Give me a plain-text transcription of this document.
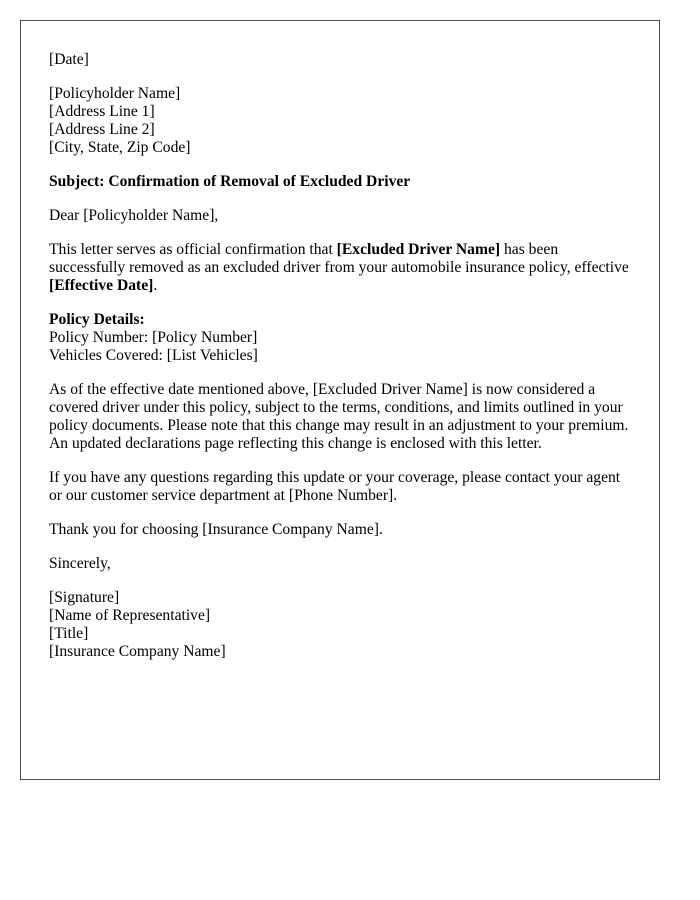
[Date]

[Policyholder Name]
[Address Line 1]
[Address Line 2]
[City, State, Zip Code]

Subject: Confirmation of Removal of Excluded Driver

Dear [Policyholder Name],

This letter serves as official confirmation that [Excluded Driver Name] has been successfully removed as an excluded driver from your automobile insurance policy, effective [Effective Date].

Policy Details:
Policy Number: [Policy Number]
Vehicles Covered: [List Vehicles]

As of the effective date mentioned above, [Excluded Driver Name] is now considered a covered driver under this policy, subject to the terms, conditions, and limits outlined in your policy documents. Please note that this change may result in an adjustment to your premium. An updated declarations page reflecting this change is enclosed with this letter.

If you have any questions regarding this update or your coverage, please contact your agent or our customer service department at [Phone Number].

Thank you for choosing [Insurance Company Name].

Sincerely,

[Signature]
[Name of Representative]
[Title]
[Insurance Company Name]
